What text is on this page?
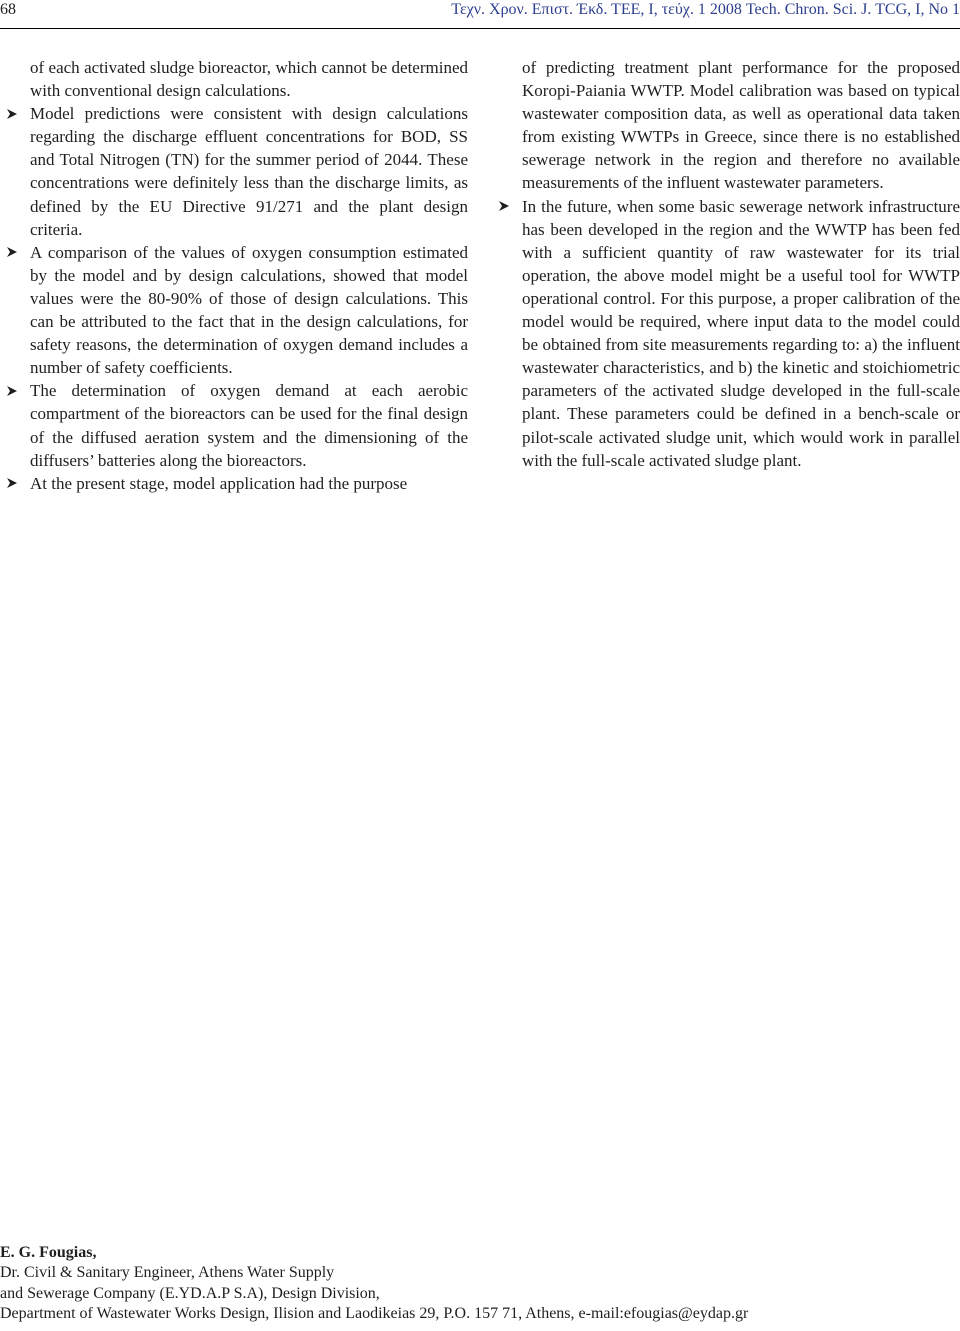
68	Τεχν. Χρον. Επιστ. Έκδ. ΤΕΕ, Ι, τεύχ. 1 2008 Tech. Chron. Sci. J. TCG, I, No 1

of each activated sludge bioreactor, which cannot be determined with conventional design calculations.

Model predictions were consistent with design calculations regarding the discharge effluent concentrations for BOD, SS and Total Nitrogen (TN) for the summer period of 2044. These concentrations were definitely less than the discharge limits, as defined by the EU Directive 91/271 and the plant design criteria.
A comparison of the values of oxygen consumption estimated by the model and by design calculations, showed that model values were the 80-90% of those of design calculations. This can be attributed to the fact that in the design calculations, for safety reasons, the determination of oxygen demand includes a number of safety coefficients.
The determination of oxygen demand at each aerobic compartment of the bioreactors can be used for the final design of the diffused aeration system and the dimensioning of the diffusers’ batteries along the bioreactors.
At the present stage, model application had the purpose

of predicting treatment plant performance for the proposed Koropi-Paiania WWTP. Model calibration was based on typical wastewater composition data, as well as operational data taken from existing WWTPs in Greece, since there is no established sewerage network in the region and therefore no available measurements of the influent wastewater parameters.

In the future, when some basic sewerage network infrastructure has been developed in the region and the WWTP has been fed with a sufficient quantity of raw wastewater for its trial operation, the above model might be a useful tool for WWTP operational control. For this purpose, a proper calibration of the model would be required, where input data to the model could be obtained from site measurements regarding to: a) the influent wastewater characteristics, and b) the kinetic and stoichiometric parameters of the activated sludge developed in the full-scale plant. These parameters could be defined in a bench-scale or pilot-scale activated sludge unit, which would work in parallel with the full-scale activated sludge plant.
E. G. Fougias,
Dr. Civil & Sanitary Engineer, Athens Water Supply
and Sewerage Company (E.YD.A.P S.A), Design Division,
Department of Wastewater Works Design, Ilision and Laodikeias 29, P.O. 157 71, Athens, e-mail:efougias@eydap.gr
